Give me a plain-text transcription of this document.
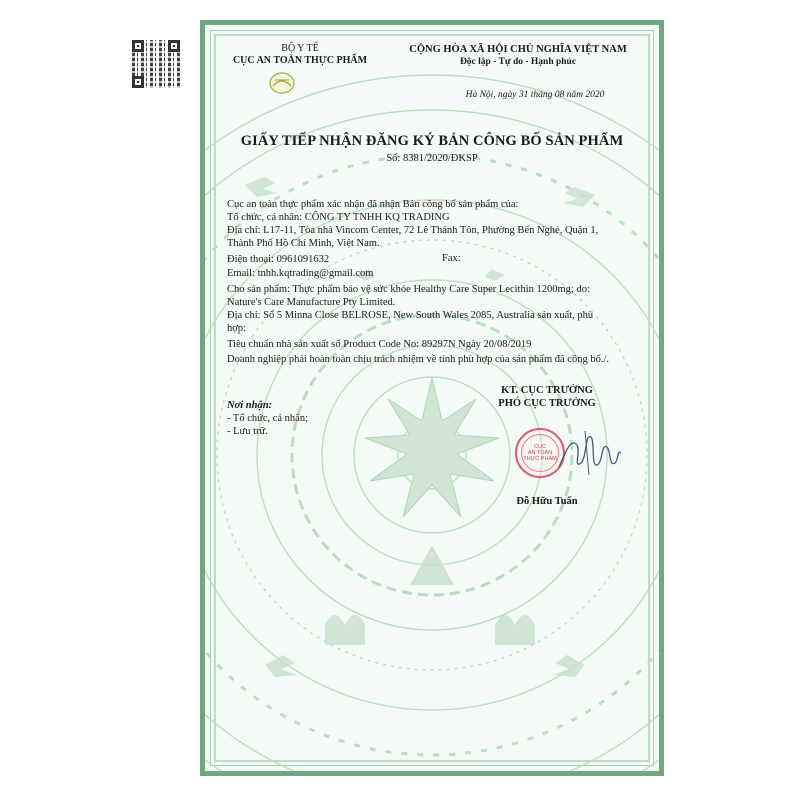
BỘ Y TẾ
CỤC AN TOÀN THỰC PHẨM
CỘNG HÒA XÃ HỘI CHỦ NGHĨA VIỆT NAM
Độc lập - Tự do - Hạnh phúc
Hà Nội, ngày 31 tháng 08 năm 2020
GIẤY TIẾP NHẬN ĐĂNG KÝ BẢN CÔNG BỐ SẢN PHẨM
Số: 8381/2020/ĐKSP
Cục an toàn thực phẩm xác nhận đã nhận Bản công bố sản phẩm của:
Tổ chức, cá nhân: CÔNG TY TNHH KQ TRADING
Địa chỉ: L17-11, Tòa nhà Vincom Center, 72 Lê Thánh Tôn, Phường Bến Nghé, Quận 1,
Thành Phố Hồ Chí Minh, Việt Nam.
Điện thoại: 0961091632	Fax:
Email: tnhh.kqtrading@gmail.com
Cho sản phẩm: Thực phẩm bảo vệ sức khỏe Healthy Care Super Lecithin 1200mg; do:
Nature's Care Manufacture Pty Limited.
Địa chỉ: Số 5 Minna Close BELROSE, New South Wales 2085, Australia sản xuất, phù
hợp:
Tiêu chuẩn nhà sản xuất số Product Code No: 89297N Ngày 20/08/2019
Doanh nghiệp phải hoàn toàn chịu trách nhiệm về tính phù hợp của sản phẩm đã công bố./.
Nơi nhận:
- Tổ chức, cá nhân;
- Lưu trữ.
KT. CỤC TRƯỞNG
PHÓ CỤC TRƯỞNG
CỤC
AN TOÀN
THỰC PHẨM
Đỗ Hữu Tuấn
